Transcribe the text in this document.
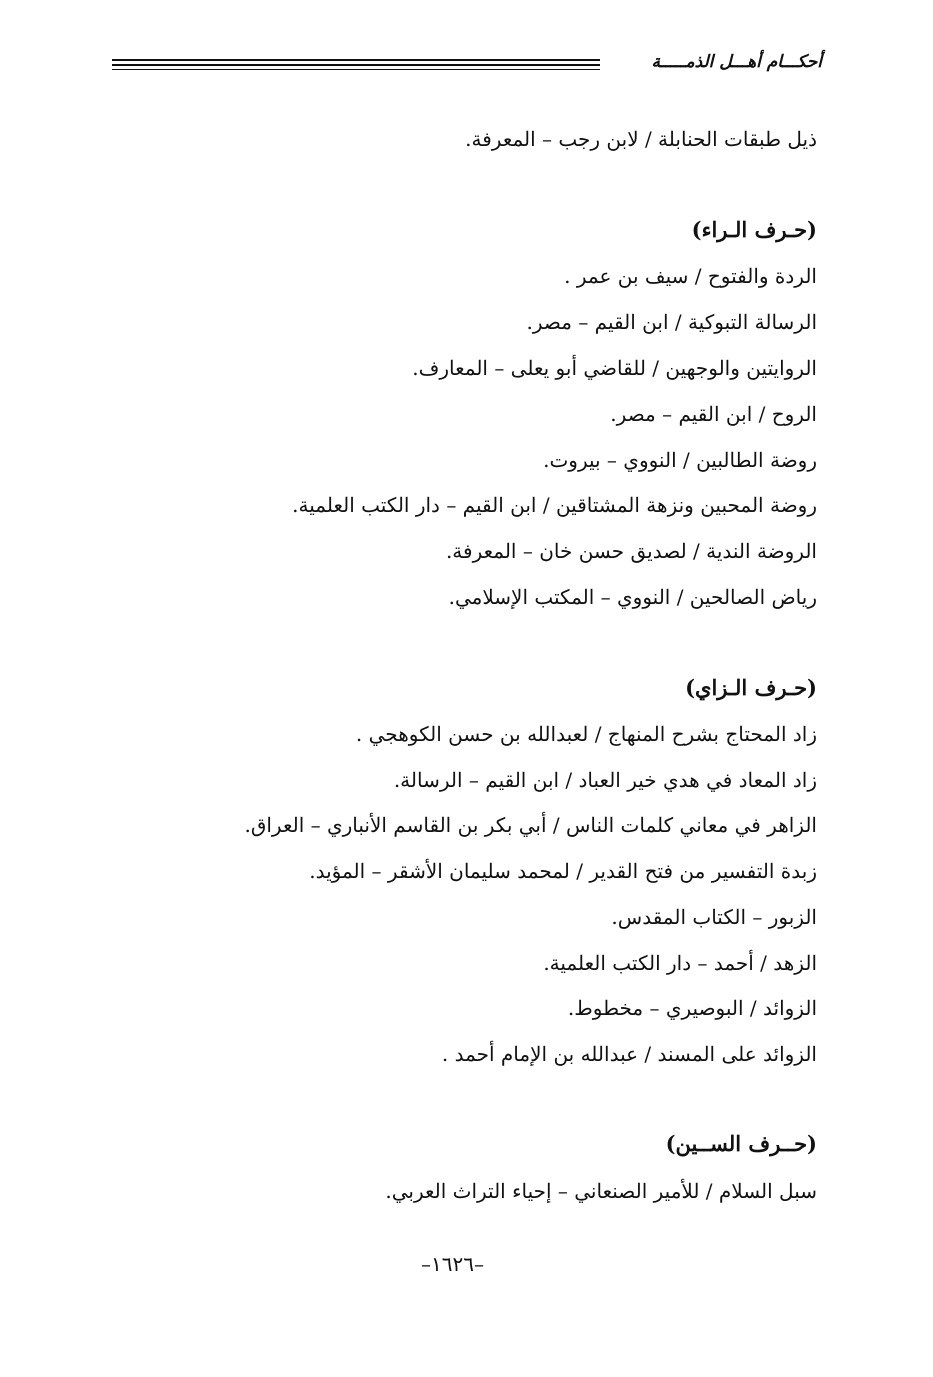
أحكـــام أهـــل الذمـــــة
ذيل طبقات الحنابلة / لابن رجب – المعرفة.
(حـرف الـراء)
الردة والفتوح / سيف بن عمر .
الرسالة التبوكية / ابن القيم – مصر.
الروايتين والوجهين / للقاضي أبو يعلى – المعارف.
الروح / ابن القيم – مصر.
روضة الطالبين / النووي – بيروت.
روضة المحبين ونزهة المشتاقين / ابن القيم – دار الكتب العلمية.
الروضة الندية / لصديق حسن خان – المعرفة.
رياض الصالحين / النووي – المكتب الإسلامي.
(حـرف الـزاي)
زاد المحتاج بشرح المنهاج / لعبدالله بن حسن الكوهجي .
زاد المعاد في هدي خير العباد / ابن القيم – الرسالة.
الزاهر في معاني كلمات الناس / أبي بكر بن القاسم الأنباري – العراق.
زبدة التفسير من فتح القدير / لمحمد سليمان الأشقر – المؤيد.
الزبور – الكتاب المقدس.
الزهد / أحمد – دار الكتب العلمية.
الزوائد / البوصيري – مخطوط.
الزوائد على المسند / عبدالله بن الإمام أحمد .
(حــرف الســين)
سبل السلام / للأمير الصنعاني – إحياء التراث العربي.
–١٦٢٦–
